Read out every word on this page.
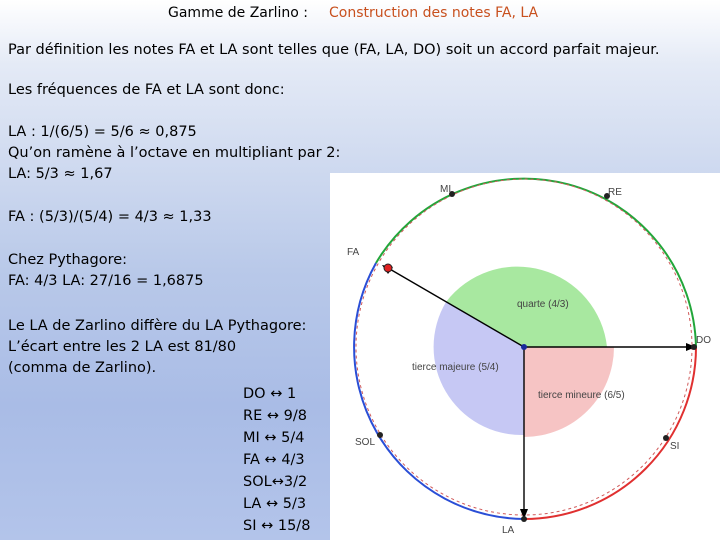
Gamme de Zarlino : Construction des notes FA, LA
Par définition les notes FA et LA sont telles que (FA, LA, DO) soit un accord parfait majeur.
Les fréquences de FA et LA sont donc:
LA : 1/(6/5) = 5/6 ≈ 0,875
Qu’on ramène à l’octave en multipliant par 2:
LA: 5/3 ≈ 1,67
FA : (5/3)/(5/4) = 4/3 ≈ 1,33
Chez Pythagore:
FA: 4/3 LA: 27/16 = 1,6875
Le LA de Zarlino diffère du LA Pythagore:
L’écart entre les 2 LA est 81/80
(comma de Zarlino).
DO ↔ 1
RE ↔ 9/8
MI ↔ 5/4
FA ↔ 4/3
SOL↔3/2
LA ↔ 5/3
SI ↔ 15/8
MI	RE
FA
DO
SOL	SI
LA
quarte (4/3)
tierce majeure (5/4)
tierce mineure (6/5)
